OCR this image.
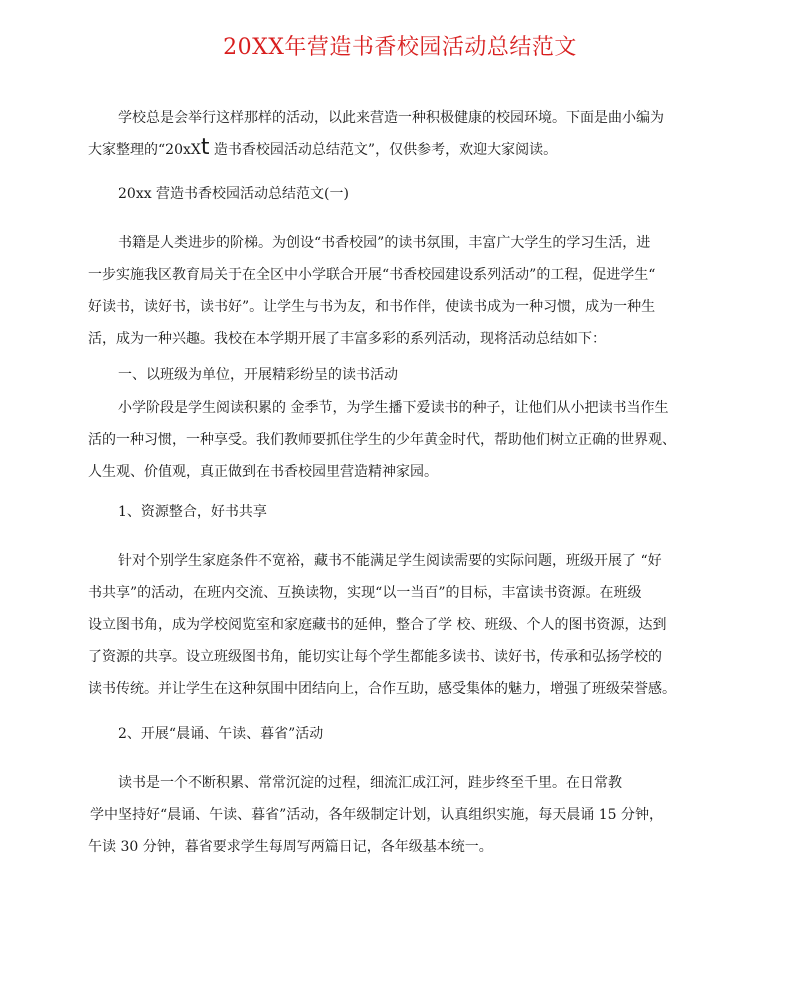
20XX年营造书香校园活动总结范文

学校总是会举行这样那样的活动，以此来营造一种积极健康的校园环境。下面是曲小编为
大家整理的“20xXt 造书香校园活动总结范文”，仅供参考，欢迎大家阅读。

20xx 营造书香校园活动总结范文(一)

书籍是人类进步的阶梯。为创设“书香校园”的读书氛围，丰富广大学生的学习生活，进
一步实施我区教育局关于在全区中小学联合开展“书香校园建设系列活动”的工程，促进学生“
好读书，读好书，读书好”。让学生与书为友，和书作伴，使读书成为一种习惯，成为一种生
活，成为一种兴趣。我校在本学期开展了丰富多彩的系列活动，现将活动总结如下：

一、以班级为单位，开展精彩纷呈的读书活动

小学阶段是学生阅读积累的 金季节，为学生播下爱读书的种子，让他们从小把读书当作生
活的一种习惯，一种享受。我们教师要抓住学生的少年黄金时代，帮助他们树立正确的世界观、
人生观、价值观，真正做到在书香校园里营造精神家园。

1、资源整合，好书共享

针对个别学生家庭条件不宽裕，藏书不能满足学生阅读需要的实际问题，班级开展了 “好
书共享”的活动，在班内交流、互换读物，实现“以一当百”的目标，丰富读书资源。在班级
设立图书角，成为学校阅览室和家庭藏书的延伸，整合了学 校、班级、个人的图书资源，达到
了资源的共享。设立班级图书角，能切实让每个学生都能多读书、读好书，传承和弘扬学校的
读书传统。并让学生在这种氛围中团结向上，合作互助，感受集体的魅力，增强了班级荣誉感。

2、开展“晨诵、午读、暮省”活动

读书是一个不断积累、常常沉淀的过程，细流汇成江河，跬步终至千里。在日常教
学中坚持好“晨诵、午读、暮省”活动，各年级制定计划，认真组织实施，每天晨诵 15 分钟，
午读 30 分钟，暮省要求学生每周写两篇日记，各年级基本统一。
